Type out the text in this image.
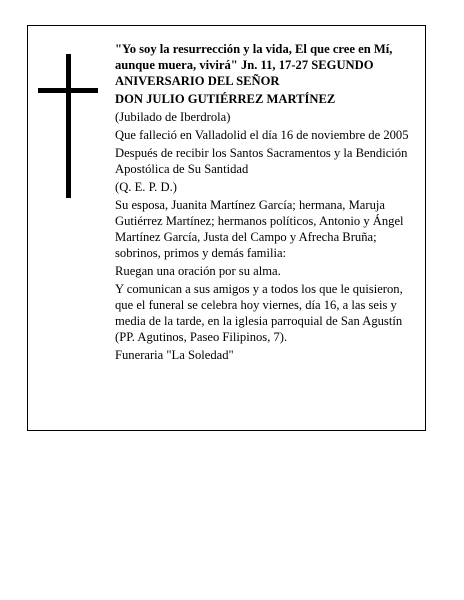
"Yo soy la resurrección y la vida, El que cree en Mí, aunque muera, vivirá" Jn. 11, 17-27 SEGUNDO ANIVERSARIO DEL SEÑOR

DON JULIO GUTIÉRREZ MARTÍNEZ

(Jubilado de Iberdrola)

Que falleció en Valladolid el día 16 de noviembre de 2005

Después de recibir los Santos Sacramentos y la Bendición Apostólica de Su Santidad

(Q. E. P. D.)

Su esposa, Juanita Martínez García; hermana, Maruja Gutiérrez Martínez; hermanos políticos, Antonio y Ángel Martínez García, Justa del Campo y Afrecha Bruña; sobrinos, primos y demás familia:

Ruegan una oración por su alma.

Y comunican a sus amigos y a todos los que le quisieron, que el funeral se celebra hoy viernes, día 16, a las seis y media de la tarde, en la iglesia parroquial de San Agustín (PP. Agutinos, Paseo Filipinos, 7).

Funeraria "La Soledad"
